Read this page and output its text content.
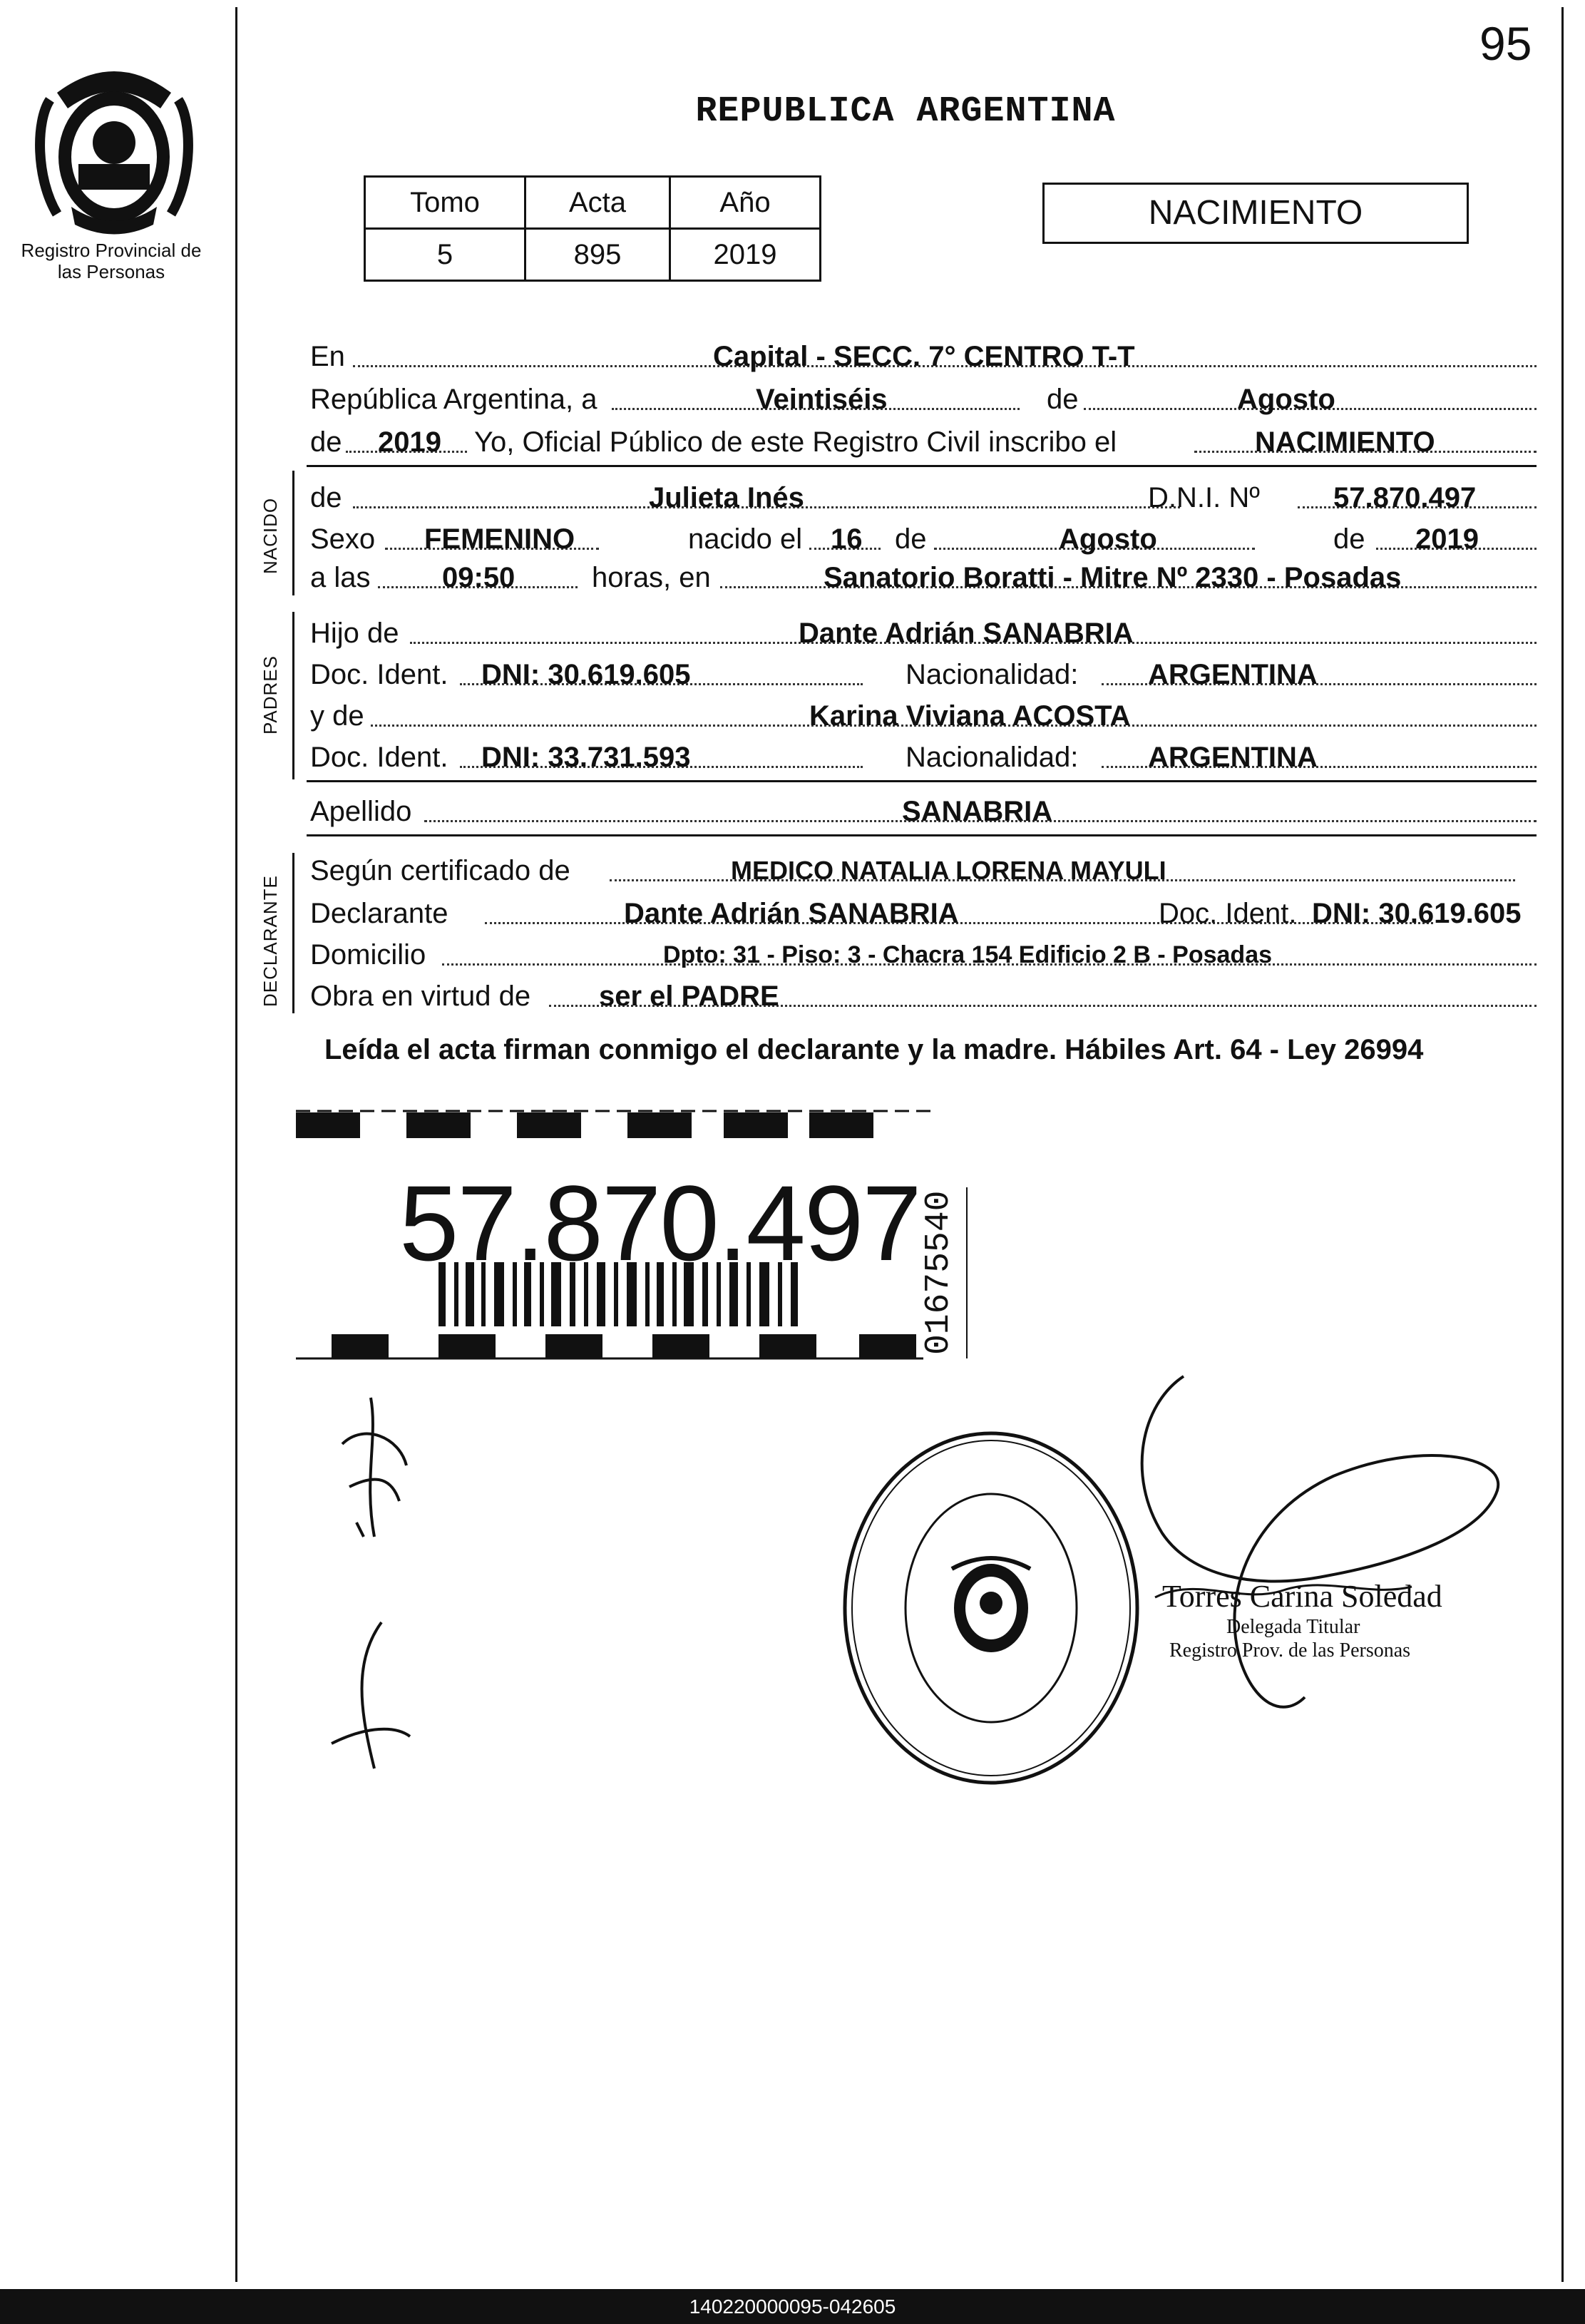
95
Registro Provincial de las Personas
REPUBLICA ARGENTINA
Tomo	Acta	Año
5	895	2019
NACIMIENTO
En	Capital - SECC. 7° CENTRO T-T
República Argentina, a	Veintiséis	de	Agosto
de 2019 Yo, Oficial Público de este Registro Civil inscribo el	NACIMIENTO
NACIDO de	Julieta Inés	D.N.I. Nº	57.870.497
Sexo FEMENINO	nacido el 16 de	Agosto	de 2019
a las	09:50	horas, en	Sanatorio Boratti - Mitre Nº 2330 - Posadas
PADRES
Hijo de	Dante Adrián SANABRIA
Doc. Ident. DNI: 30.619.605	Nacionalidad: ARGENTINA
y de	Karina Viviana ACOSTA
Doc. Ident. DNI: 33.731.593	Nacionalidad: ARGENTINA
Apellido	SANABRIA
DECLARANTE
Según certificado de	MEDICO NATALIA LORENA MAYULI
Declarante	Dante Adrián SANABRIA	Doc. Ident. DNI: 30.619.605
Domicilio	Dpto: 31 - Piso: 3 - Chacra 154 Edificio 2 B - Posadas
Obra en virtud de ser el PADRE
Leída el acta firman conmigo el declarante y la madre. Hábiles Art. 64 - Ley 26994
57.870.497 01675540
Torres Carina Soledad
Delegada Titular
Registro Prov. de las Personas
140220000095-042605
